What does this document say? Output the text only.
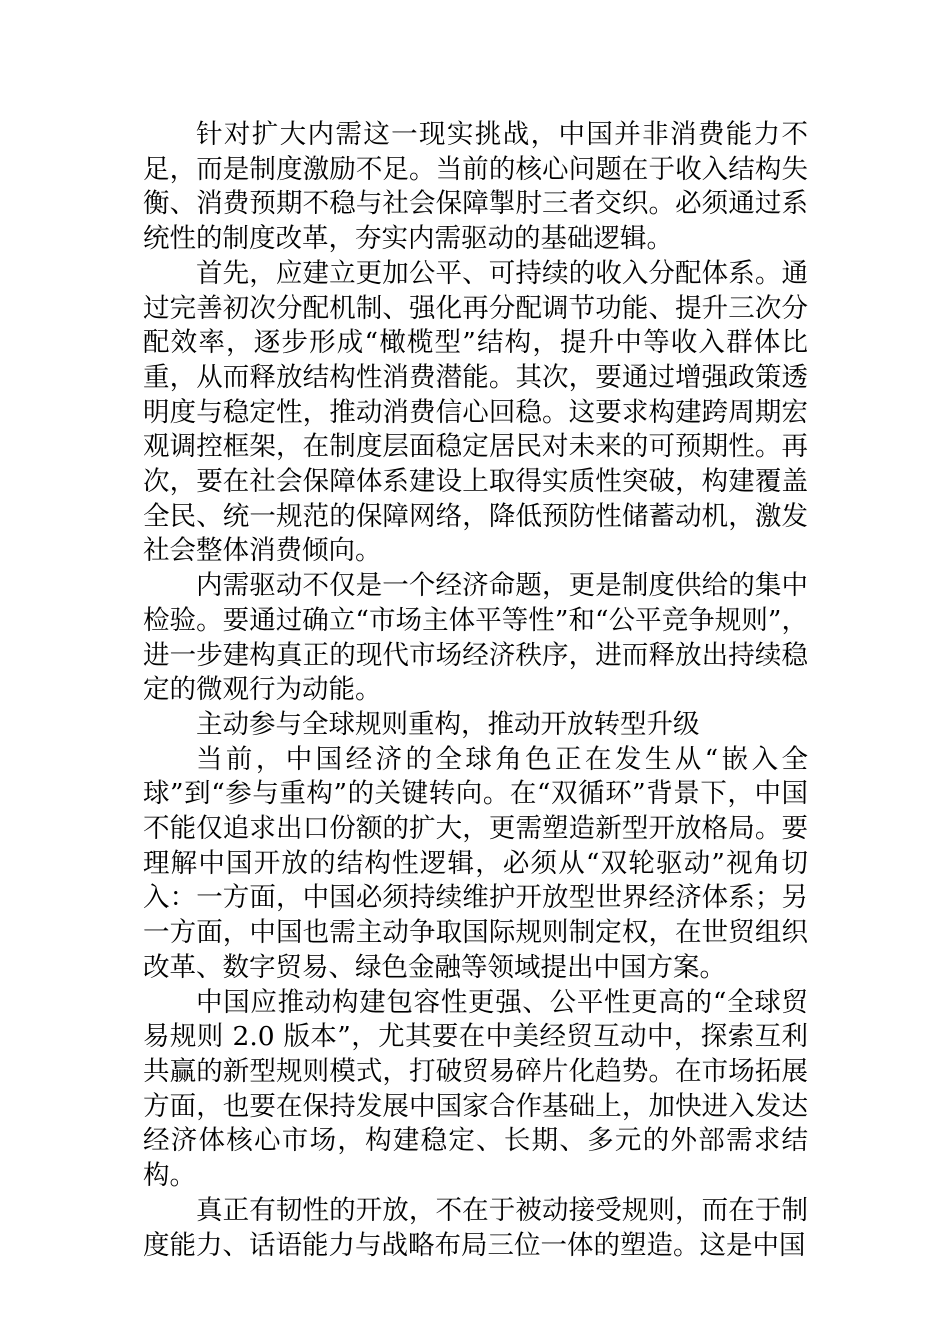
针对扩大内需这一现实挑战，中国并非消费能力不足，而是制度激励不足。当前的核心问题在于收入结构失衡、消费预期不稳与社会保障掣肘三者交织。必须通过系统性的制度改革，夯实内需驱动的基础逻辑。

首先，应建立更加公平、可持续的收入分配体系。通过完善初次分配机制、强化再分配调节功能、提升三次分配效率，逐步形成“橄榄型”结构，提升中等收入群体比重，从而释放结构性消费潜能。其次，要通过增强政策透明度与稳定性，推动消费信心回稳。这要求构建跨周期宏观调控框架，在制度层面稳定居民对未来的可预期性。再次，要在社会保障体系建设上取得实质性突破，构建覆盖全民、统一规范的保障网络，降低预防性储蓄动机，激发社会整体消费倾向。

内需驱动不仅是一个经济命题，更是制度供给的集中检验。要通过确立“市场主体平等性”和“公平竞争规则”，进一步建构真正的现代市场经济秩序，进而释放出持续稳定的微观行为动能。

主动参与全球规则重构，推动开放转型升级

当前，中国经济的全球角色正在发生从“嵌入全球”到“参与重构”的关键转向。在“双循环”背景下，中国不能仅追求出口份额的扩大，更需塑造新型开放格局。要理解中国开放的结构性逻辑，必须从“双轮驱动”视角切入：一方面，中国必须持续维护开放型世界经济体系；另一方面，中国也需主动争取国际规则制定权，在世贸组织改革、数字贸易、绿色金融等领域提出中国方案。

中国应推动构建包容性更强、公平性更高的“全球贸易规则 2.0 版本”，尤其要在中美经贸互动中，探索互利共赢的新型规则模式，打破贸易碎片化趋势。在市场拓展方面，也要在保持发展中国家合作基础上，加快进入发达经济体核心市场，构建稳定、长期、多元的外部需求结构。

真正有韧性的开放，不在于被动接受规则，而在于制度能力、话语能力与战略布局三位一体的塑造。这是中国
